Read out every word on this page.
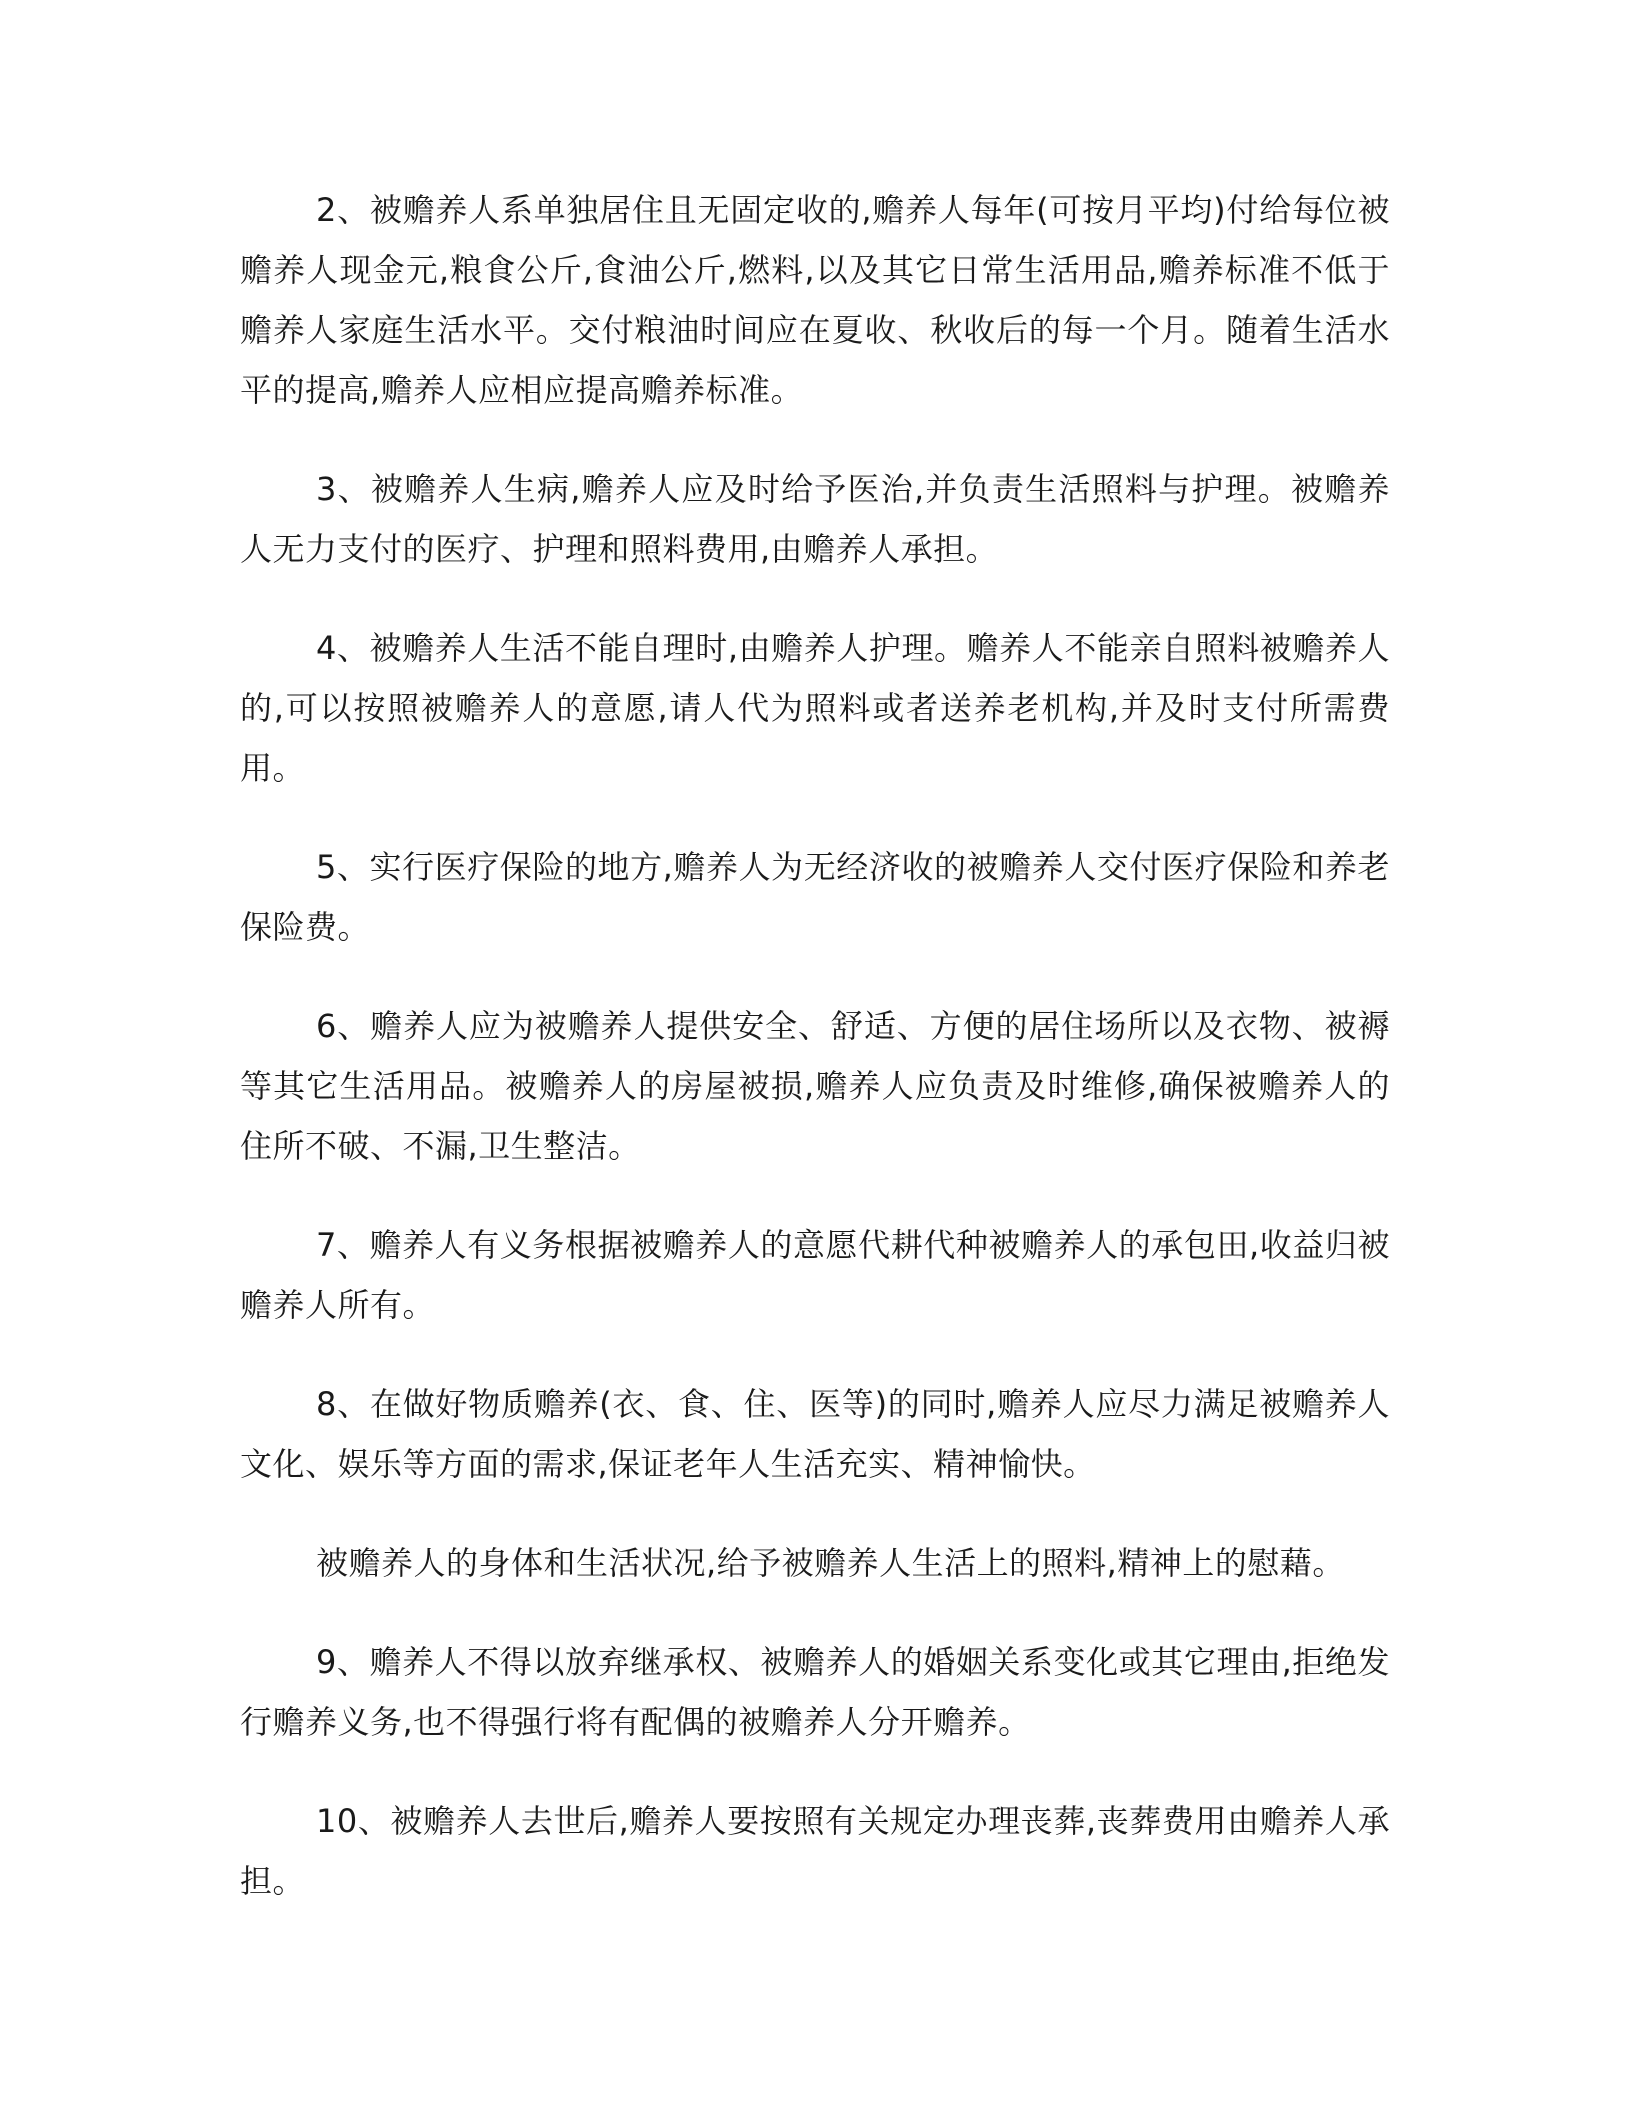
2、被赡养人系单独居住且无固定收的,赡养人每年(可按月平均)付给每位被赡养人现金元,粮食公斤,食油公斤,燃料,以及其它日常生活用品,赡养标准不低于赡养人家庭生活水平。交付粮油时间应在夏收、秋收后的每一个月。随着生活水平的提高,赡养人应相应提高赡养标准。

3、被赡养人生病,赡养人应及时给予医治,并负责生活照料与护理。被赡养人无力支付的医疗、护理和照料费用,由赡养人承担。

4、被赡养人生活不能自理时,由赡养人护理。赡养人不能亲自照料被赡养人的,可以按照被赡养人的意愿,请人代为照料或者送养老机构,并及时支付所需费用。

5、实行医疗保险的地方,赡养人为无经济收的被赡养人交付医疗保险和养老保险费。

6、赡养人应为被赡养人提供安全、舒适、方便的居住场所以及衣物、被褥等其它生活用品。被赡养人的房屋被损,赡养人应负责及时维修,确保被赡养人的住所不破、不漏,卫生整洁。

7、赡养人有义务根据被赡养人的意愿代耕代种被赡养人的承包田,收益归被赡养人所有。

8、在做好物质赡养(衣、食、住、医等)的同时,赡养人应尽力满足被赡养人文化、娱乐等方面的需求,保证老年人生活充实、精神愉快。

被赡养人的身体和生活状况,给予被赡养人生活上的照料,精神上的慰藉。

9、赡养人不得以放弃继承权、被赡养人的婚姻关系变化或其它理由,拒绝发行赡养义务,也不得强行将有配偶的被赡养人分开赡养。

10、被赡养人去世后,赡养人要按照有关规定办理丧葬,丧葬费用由赡养人承担。
